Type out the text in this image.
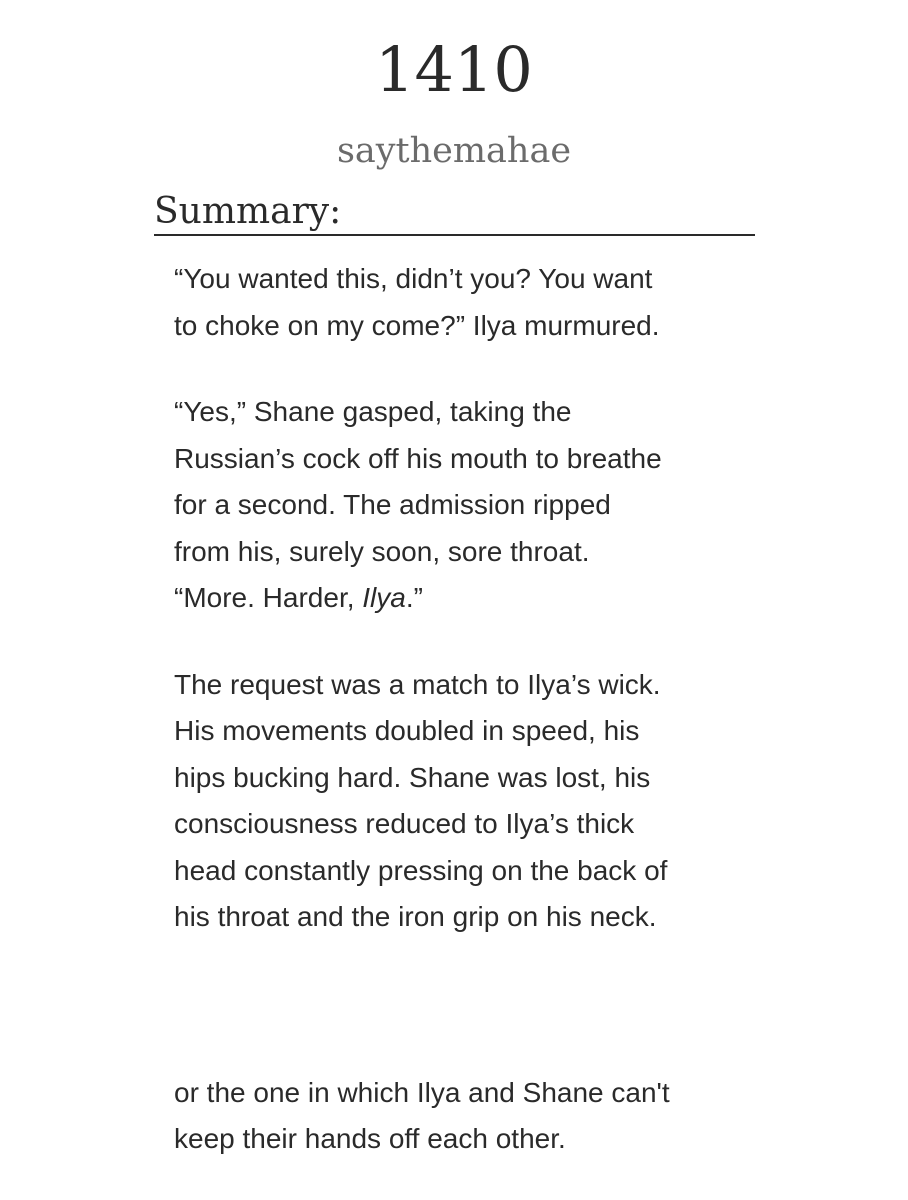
1410
saythemahae
Summary:

“You wanted this, didn’t you? You want
to choke on my come?” Ilya murmured.

“Yes,” Shane gasped, taking the
Russian’s cock off his mouth to breathe
for a second. The admission ripped
from his, surely soon, sore throat.
“More. Harder, Ilya.”

The request was a match to Ilya’s wick.
His movements doubled in speed, his
hips bucking hard. Shane was lost, his
consciousness reduced to Ilya’s thick
head constantly pressing on the back of
his throat and the iron grip on his neck.

or the one in which Ilya and Shane can't
keep their hands off each other.
